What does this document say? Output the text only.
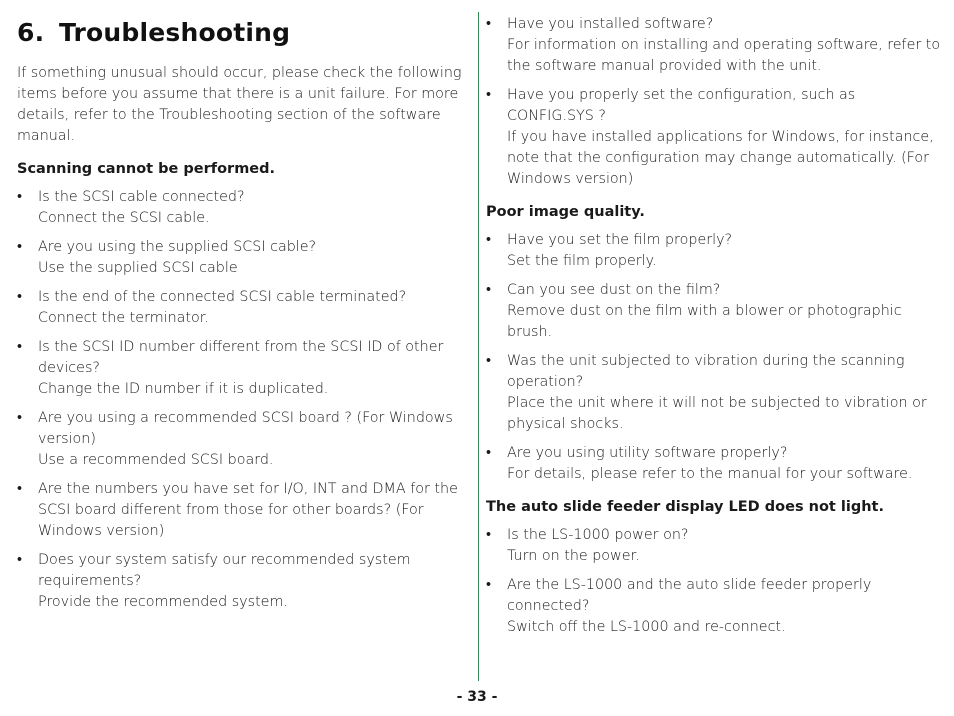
6. Troubleshooting

If something unusual should occur, please check the following items before you assume that there is a unit failure. For more details, refer to the Troubleshooting section of the software manual.

Scanning cannot be performed.
• Is the SCSI cable connected?
Connect the SCSI cable.
• Are you using the supplied SCSI cable?
Use the supplied SCSI cable
• Is the end of the connected SCSI cable terminated?
Connect the terminator.
• Is the SCSI ID number different from the SCSI ID of other devices?
Change the ID number if it is duplicated.
• Are you using a recommended SCSI board ? (For Windows version)
Use a recommended SCSI board.
• Are the numbers you have set for I/O, INT and DMA for the SCSI board different from those for other boards? (For Windows version)
• Does your system satisfy our recommended system requirements?
Provide the recommended system.
• Have you installed software?
For information on installing and operating software, refer to the software manual provided with the unit.
• Have you properly set the configuration, such as CONFIG.SYS ?
If you have installed applications for Windows, for instance, note that the configuration may change automatically. (For Windows version)
Poor image quality.
• Have you set the film properly?
Set the film properly.
• Can you see dust on the film?
Remove dust on the film with a blower or photographic brush.
• Was the unit subjected to vibration during the scanning operation?
Place the unit where it will not be subjected to vibration or physical shocks.
• Are you using utility software properly?
For details, please refer to the manual for your software.
The auto slide feeder display LED does not light.
• Is the LS-1000 power on?
Turn on the power.
• Are the LS-1000 and the auto slide feeder properly connected?
Switch off the LS-1000 and re-connect.
- 33 -
